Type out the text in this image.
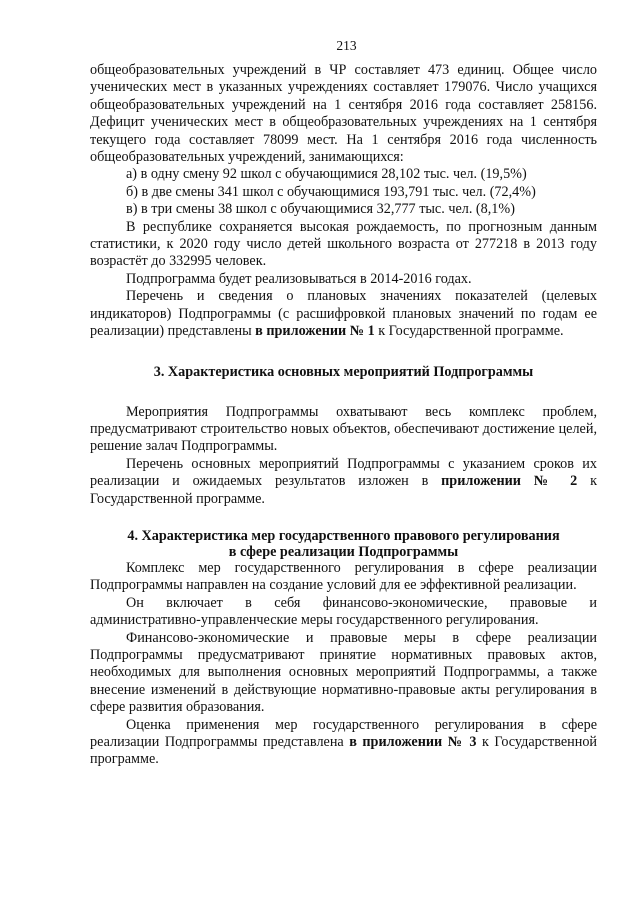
213

общеобразовательных учреждений в ЧР составляет 473 единиц. Общее число ученических мест в указанных учреждениях составляет 179076. Число учащихся общеобразовательных учреждений на 1 сентября 2016 года составляет 258156. Дефицит ученических мест в общеобразовательных учреждениях на 1 сентября текущего года составляет 78099 мест. На 1 сентября 2016 года численность общеобразовательных учреждений, занимающихся:

а) в одну смену 92 школ с обучающимися 28,102 тыс. чел. (19,5%)

б) в две смены 341 школ с обучающимися 193,791 тыс. чел. (72,4%)

в) в три смены 38 школ с обучающимися 32,777 тыс. чел. (8,1%)

В республике сохраняется высокая рождаемость, по прогнозным данным статистики, к 2020 году число детей школьного возраста от 277218 в 2013 году возрастёт до 332995 человек.

Подпрограмма будет реализовываться в 2014-2016 годах.

Перечень и сведения о плановых значениях показателей (целевых индикаторов) Подпрограммы (с расшифровкой плановых значений по годам ее реализации) представлены в приложении № 1 к Государственной программе.

3. Характеристика основных мероприятий Подпрограммы

Мероприятия Подпрограммы охватывают весь комплекс проблем, предусматривают строительство новых объектов, обеспечивают достижение целей, решение залач Подпрограммы.

Перечень основных мероприятий Подпрограммы с указанием сроков их реализации и ожидаемых результатов изложен в приложении № 2 к Государственной программе.

4. Характеристика мер государственного правового регулирования
в сфере реализации Подпрограммы

Комплекс мер государственного регулирования в сфере реализации Подпрограммы направлен на создание условий для ее эффективной реализации.

Он включает в себя финансово-экономические, правовые и административно-управленческие меры государственного регулирования.

Финансово-экономические и правовые меры в сфере реализации Подпрограммы предусматривают принятие нормативных правовых актов, необходимых для выполнения основных мероприятий Подпрограммы, а также внесение изменений в действующие нормативно-правовые акты регулирования в сфере развития образования.

Оценка применения мер государственного регулирования в сфере реализации Подпрограммы представлена в приложении № 3 к Государственной программе.
